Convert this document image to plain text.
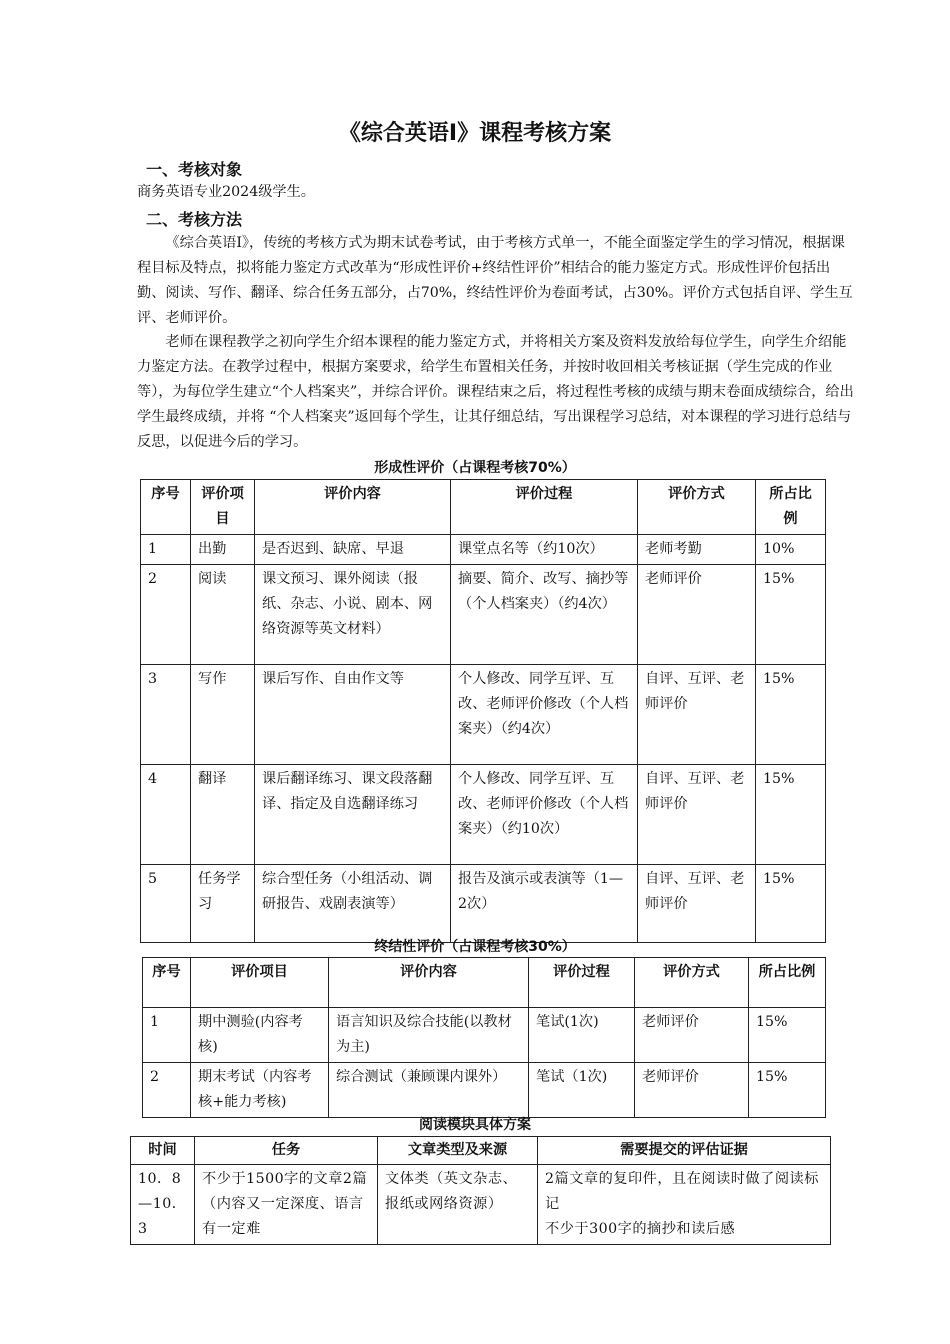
《综合英语Ⅰ》课程考核方案
一、考核对象

商务英语专业2024级学生。

二、考核方法

《综合英语Ⅰ》，传统的考核方式为期末试卷考试，由于考核方式单一，不能全面鉴定学生的学习情况，根据课程目标及特点，拟将能力鉴定方式改革为“形成性评价+终结性评价”相结合的能力鉴定方式。形成性评价包括出勤、阅读、写作、翻译、综合任务五部分，占70%，终结性评价为卷面考试，占30%。评价方式包括自评、学生互评、老师评价。

老师在课程教学之初向学生介绍本课程的能力鉴定方式，并将相关方案及资料发放给每位学生，向学生介绍能力鉴定方法。在教学过程中，根据方案要求，给学生布置相关任务，并按时收回相关考核证据（学生完成的作业等），为每位学生建立“个人档案夹”，并综合评价。课程结束之后，将过程性考核的成绩与期末卷面成绩综合，给出学生最终成绩，并将 “个人档案夹”返回每个学生，让其仔细总结，写出课程学习总结，对本课程的学习进行总结与反思，以促进今后的学习。

形成性评价（占课程考核70%）
序号	评价项目	评价内容	评价过程	评价方式	所占比例
1	出勤	是否迟到、缺席、早退	课堂点名等（约10次）	老师考勤	10%
2	阅读	课文预习、课外阅读（报纸、杂志、小说、剧本、网络资源等英文材料）	摘要、简介、改写、摘抄等（个人档案夹）（约4次）	老师评价	15%
3	写作	课后写作、自由作文等	个人修改、同学互评、互改、老师评价修改（个人档案夹）（约4次）	自评、互评、老师评价	15%
4	翻译	课后翻译练习、课文段落翻译、指定及自选翻译练习	个人修改、同学互评、互改、老师评价修改（个人档案夹）（约10次）	自评、互评、老师评价	15%
5	任务学习	综合型任务（小组活动、调研报告、戏剧表演等）	报告及演示或表演等（1—2次）	自评、互评、老师评价	15%
终结性评价（占课程考核30%）
序号	评价项目	评价内容	评价过程	评价方式	所占比例
1	期中测验(内容考核)	语言知识及综合技能(以教材为主)	笔试(1次)	老师评价	15%
2	期末考试（内容考核+能力考核)	综合测试（兼顾课内课外）	笔试（1次)	老师评价	15%
阅读模块具体方案
时间	任务	文章类型及来源	需要提交的评估证据
10．8—10．3	不少于1500字的文章2篇（内容又一定深度、语言有一定难	文体类（英文杂志、报纸或网络资源）	2篇文章的复印件，且在阅读时做了阅读标记
不少于300字的摘抄和读后感
